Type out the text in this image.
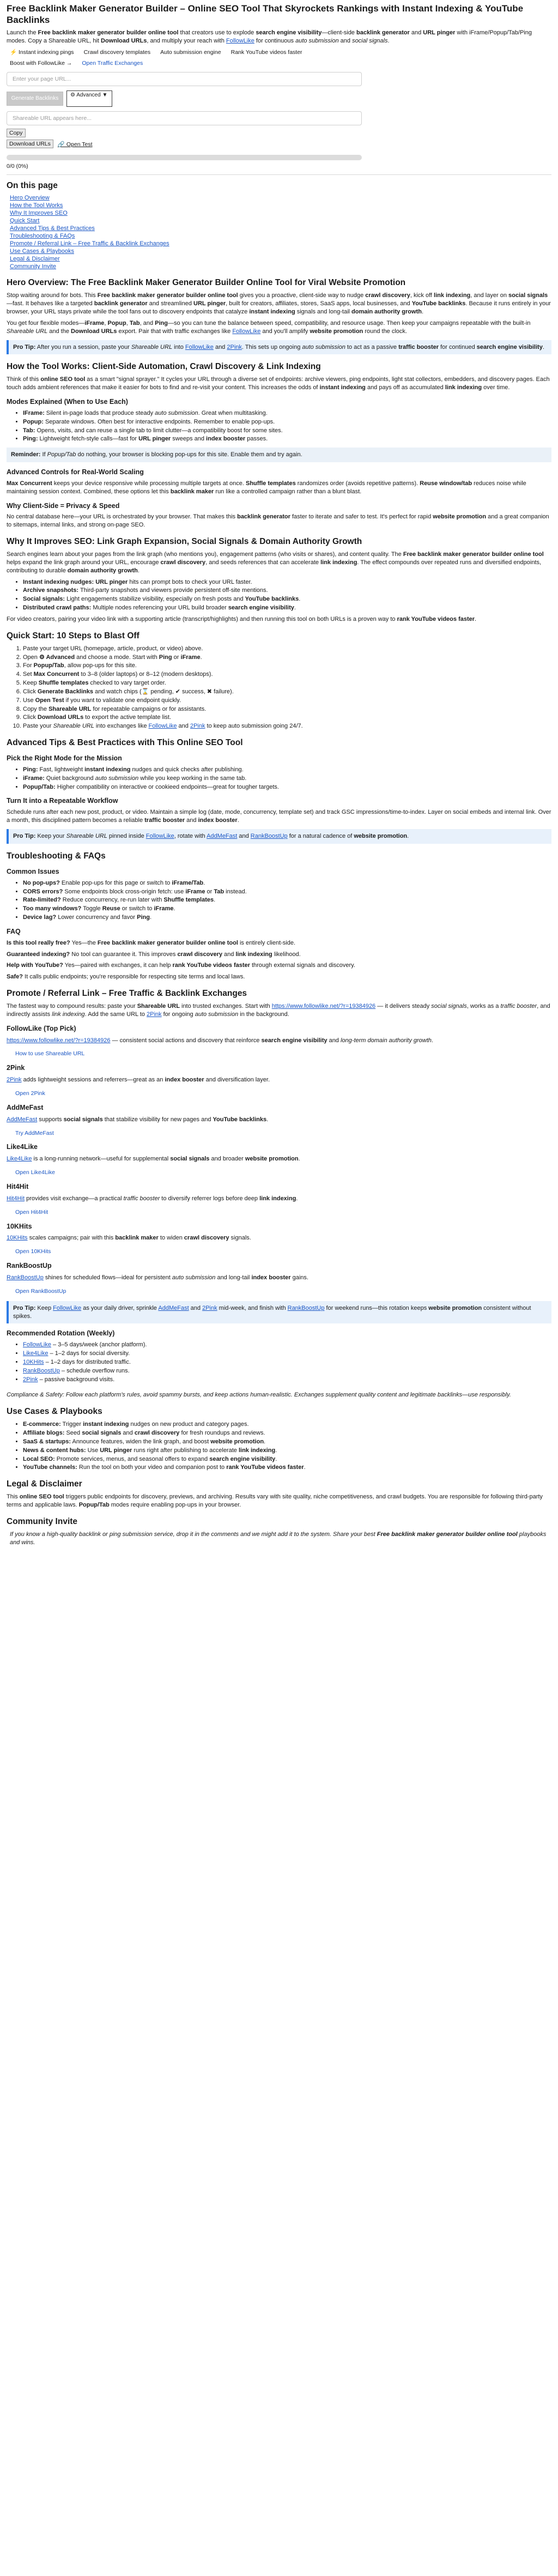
Free Backlink Maker Generator Builder – Online SEO Tool That Skyrockets Rankings with Instant Indexing & YouTube Backlinks

Launch the Free backlink maker generator builder online tool that creators use to explode search engine visibility—client-side backlink generator and URL pinger with iFrame/Popup/Tab/Ping modes. Copy a Shareable URL, hit Download URLs, and multiply your reach with FollowLike for continuous auto submission and social signals.

⚡ Instant indexing pings Crawl discovery templates Auto submission engine Rank YouTube videos faster
Boost with FollowLike → Open Traffic Exchanges
Enter your page URL...
Generate Backlinks
⚙ Advanced ▼
Shareable URL appears here...
Copy
Download URLs	🔗 Open Test
0/0 (0%)
On this page
Hero Overview
How the Tool Works
Why It Improves SEO
Quick Start
Advanced Tips & Best Practices
Troubleshooting & FAQs
Promote / Referral Link – Free Traffic & Backlink Exchanges
Use Cases & Playbooks
Legal & Disclaimer
Community Invite
Hero Overview: The Free Backlink Maker Generator Builder Online Tool for Viral Website Promotion

Stop waiting around for bots. This Free backlink maker generator builder online tool gives you a proactive, client-side way to nudge crawl discovery, kick off link indexing, and layer on social signals—fast. It behaves like a targeted backlink generator and streamlined URL pinger, built for creators, affiliates, stores, SaaS apps, local businesses, and YouTube backlinks. Because it runs entirely in your browser, your URL stays private while the tool fans out to discovery endpoints that catalyze instant indexing signals and long-tail domain authority growth.

You get four flexible modes—iFrame, Popup, Tab, and Ping—so you can tune the balance between speed, compatibility, and resource usage. Then keep your campaigns repeatable with the built-in Shareable URL and the Download URLs export. Pair that with traffic exchanges like FollowLike and you'll amplify website promotion round the clock.

Pro Tip: After you run a session, paste your Shareable URL into FollowLike and 2Pink. This sets up ongoing auto submission to act as a passive traffic booster for continued search engine visibility.
How the Tool Works: Client-Side Automation, Crawl Discovery & Link Indexing

Think of this online SEO tool as a smart "signal sprayer." It cycles your URL through a diverse set of endpoints: archive viewers, ping endpoints, light stat collectors, embedders, and discovery pages. Each touch adds ambient references that make it easier for bots to find and re-visit your content. This increases the odds of instant indexing and pays off as accumulated link indexing over time.

Modes Explained (When to Use Each)
• IFrame: Silent in-page loads that produce steady auto submission. Great when multitasking.
• Popup: Separate windows. Often best for interactive endpoints. Remember to enable pop-ups.
• Tab: Opens, visits, and can reuse a single tab to limit clutter—a compatibility boost for some sites.
• Ping: Lightweight fetch-style calls—fast for URL pinger sweeps and index booster passes.
Reminder: If Popup/Tab do nothing, your browser is blocking pop-ups for this site. Enable them and try again.
Advanced Controls for Real-World Scaling

Max Concurrent keeps your device responsive while processing multiple targets at once. Shuffle templates randomizes order (avoids repetitive patterns). Reuse window/tab reduces noise while maintaining session context. Combined, these options let this backlink maker run like a controlled campaign rather than a blunt blast.

Why Client-Side = Privacy & Speed

No central database here—your URL is orchestrated by your browser. That makes this backlink generator faster to iterate and safer to test. It's perfect for rapid website promotion and a great companion to sitemaps, internal links, and strong on-page SEO.

Why It Improves SEO: Link Graph Expansion, Social Signals & Domain Authority Growth

Search engines learn about your pages from the link graph (who mentions you), engagement patterns (who visits or shares), and content quality. The Free backlink maker generator builder online tool helps expand the link graph around your URL, encourage crawl discovery, and seeds references that can accelerate link indexing. The effect compounds over repeated runs and diversified endpoints, contributing to durable domain authority growth.

• Instant indexing nudges: URL pinger hits can prompt bots to check your URL faster.
• Archive snapshots: Third-party snapshots and viewers provide persistent off-site mentions.
• Social signals: Light engagements stabilize visibility, especially on fresh posts and YouTube backlinks.
• Distributed crawl paths: Multiple nodes referencing your URL build broader search engine visibility.

For video creators, pairing your video link with a supporting article (transcript/highlights) and then running this tool on both URLs is a proven way to rank YouTube videos faster.

Quick Start: 10 Steps to Blast Off
1. Paste your target URL (homepage, article, product, or video) above.
2. Open ⚙ Advanced and choose a mode. Start with Ping or iFrame.
3. For Popup/Tab, allow pop-ups for this site.
4. Set Max Concurrent to 3–8 (older laptops) or 8–12 (modern desktops).
5. Keep Shuffle templates checked to vary target order.
6. Click Generate Backlinks and watch chips (⌛ pending, ✔ success, ✖ failure).
7. Use Open Test if you want to validate one endpoint quickly.
8. Copy the Shareable URL for repeatable campaigns or for assistants.
9. Click Download URLs to export the active template list.
10. Paste your Shareable URL into exchanges like FollowLike and 2Pink to keep auto submission going 24/7.
Advanced Tips & Best Practices with This Online SEO Tool
Pick the Right Mode for the Mission
• Ping: Fast, lightweight instant indexing nudges and quick checks after publishing.
• iFrame: Quiet background auto submission while you keep working in the same tab.
• Popup/Tab: Higher compatibility on interactive or cookieed endpoints—great for tougher targets.
Turn It into a Repeatable Workflow

Schedule runs after each new post, product, or video. Maintain a simple log (date, mode, concurrency, template set) and track GSC impressions/time-to-index. Layer on social embeds and internal link. Over a month, this disciplined pattern becomes a reliable traffic booster and index booster.

Pro Tip: Keep your Shareable URL pinned inside FollowLike, rotate with AddMeFast and RankBoostUp for a natural cadence of website promotion.
Troubleshooting & FAQs
Common Issues
• No pop-ups? Enable pop-ups for this page or switch to iFrame/Tab.
• CORS errors? Some endpoints block cross-origin fetch: use iFrame or Tab instead.
• Rate-limited? Reduce concurrency, re-run later with Shuffle templates.
• Too many windows? Toggle Reuse or switch to iFrame.
• Device lag? Lower concurrency and favor Ping.
FAQ

Is this tool really free? Yes—the Free backlink maker generator builder online tool is entirely client-side.

Guaranteed indexing? No tool can guarantee it. This improves crawl discovery and link indexing likelihood.

Help with YouTube? Yes—paired with exchanges, it can help rank YouTube videos faster through external signals and discovery.

Safe? It calls public endpoints; you're responsible for respecting site terms and local laws.

Promote / Referral Link – Free Traffic & Backlink Exchanges

The fastest way to compound results: paste your Shareable URL into trusted exchanges. Start with https://www.followlike.net/?r=19384926 — it delivers steady social signals, works as a traffic booster, and indirectly assists link indexing. Add the same URL to 2Pink for ongoing auto submission in the background.

FollowLike (Top Pick)

https://www.followlike.net/?r=19384926 — consistent social actions and discovery that reinforce search engine visibility and long-term domain authority growth.

How to use Shareable URL
2Pink

2Pink adds lightweight sessions and referrers—great as an index booster and diversification layer.

Open 2Pink
AddMeFast

AddMeFast supports social signals that stabilize visibility for new pages and YouTube backlinks.

Try AddMeFast
Like4Like

Like4Like is a long-running network—useful for supplemental social signals and broader website promotion.

Open Like4Like
Hit4Hit

Hit4Hit provides visit exchange—a practical traffic booster to diversify referrer logs before deep link indexing.

Open Hit4Hit
10KHits

10KHits scales campaigns; pair with this backlink maker to widen crawl discovery signals.

Open 10KHits
RankBoostUp

RankBoostUp shines for scheduled flows—ideal for persistent auto submission and long-tail index booster gains.

Open RankBoostUp
Pro Tip: Keep FollowLike as your daily driver, sprinkle AddMeFast and 2Pink mid-week, and finish with RankBoostUp for weekend runs—this rotation keeps website promotion consistent without spikes.
Recommended Rotation (Weekly)
• FollowLike – 3–5 days/week (anchor platform).
• Like4Like – 1–2 days for social diversity.
• 10KHits – 1–2 days for distributed traffic.
• RankBoostUp – schedule overflow runs.
• 2Pink – passive background visits.

Compliance & Safety: Follow each platform's rules, avoid spammy bursts, and keep actions human-realistic. Exchanges supplement quality content and legitimate backlinks—use responsibly.

Use Cases & Playbooks
• E-commerce: Trigger instant indexing nudges on new product and category pages.
• Affiliate blogs: Seed social signals and crawl discovery for fresh roundups and reviews.
• SaaS & startups: Announce features, widen the link graph, and boost website promotion.
• News & content hubs: Use URL pinger runs right after publishing to accelerate link indexing.
• Local SEO: Promote services, menus, and seasonal offers to expand search engine visibility.
• YouTube channels: Run the tool on both your video and companion post to rank YouTube videos faster.
Legal & Disclaimer

This online SEO tool triggers public endpoints for discovery, previews, and archiving. Results vary with site quality, niche competitiveness, and crawl budgets. You are responsible for following third-party terms and applicable laws. Popup/Tab modes require enabling pop-ups in your browser.

Community Invite

If you know a high-quality backlink or ping submission service, drop it in the comments and we might add it to the system. Share your best Free backlink maker generator builder online tool playbooks and wins.
